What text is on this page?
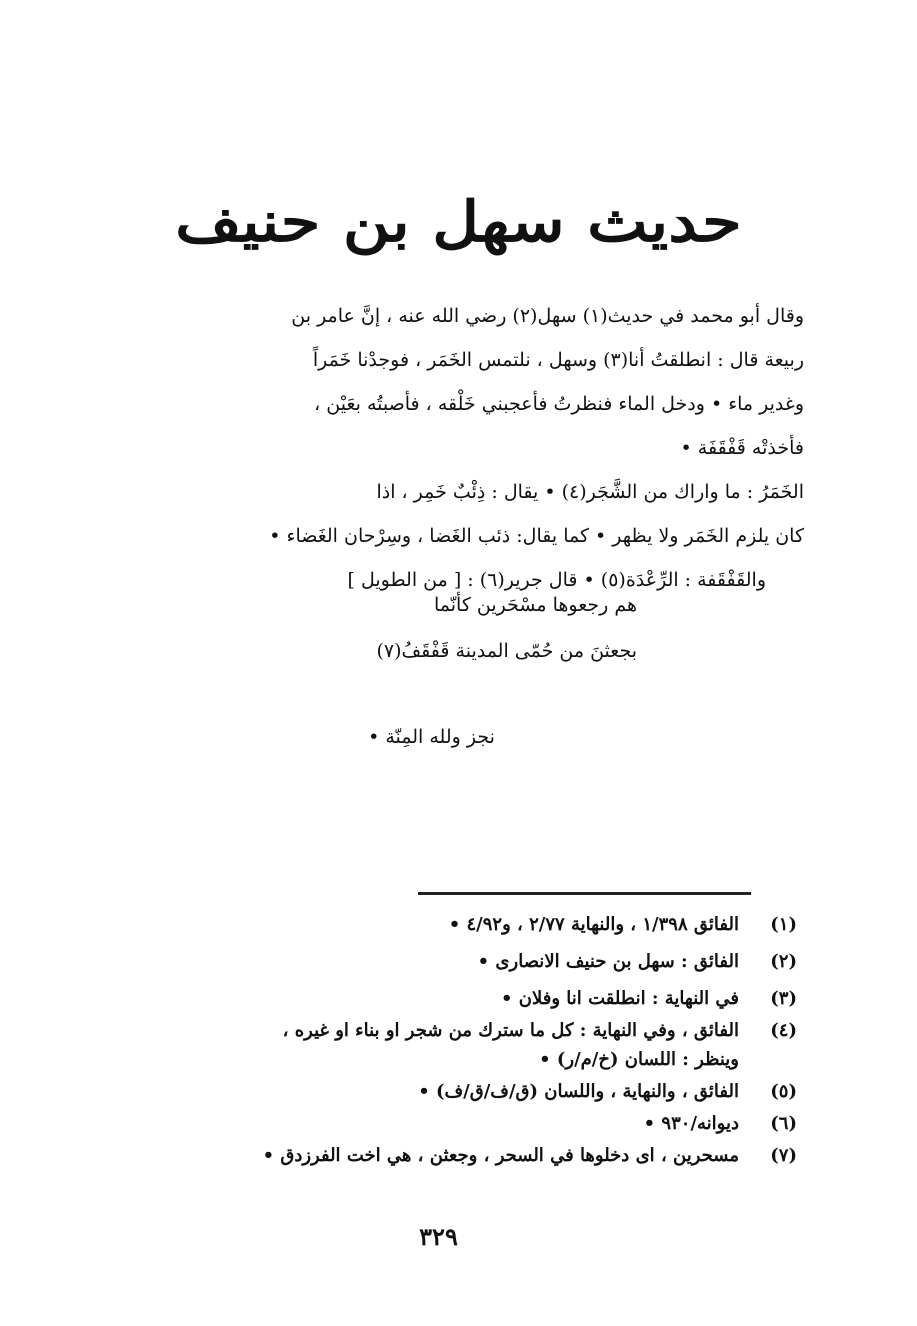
حديث سهل بن حنيف

وقال أبو محمد في حديث(١) سهل(٢) رضي الله عنه ، إنَّ عامر بن

ربيعة قال : انطلقتُ أنا(٣) وسهل ، نلتمس الخَمَر ، فوجدْنا خَمَراً

وغدير ماء • ودخل الماء فنظرتُ فأعجبني خَلْقه ، فأصبتُه بعَيْن ،

فأخذتْه قَفْقَفَة •

الخَمَرُ : ما واراك من الشَّجَر(٤) • يقال : ذِئْبٌ خَمِر ، اذا

كان يلزم الخَمَر ولا يظهر • كما يقال: ذئب الغَضا ، وسِرْحان الغَضاء •

والقَفْقَفة : الرِّعْدَة(٥) • قال جرير(٦) : [ من الطويل ]

هم رجعوها مسْحَرين كأنّما
بجعثنَ من حُمّى المدينة قَفْقَفُ(٧)
نجز ولله المِنّة •
(١)
الفائق ١/٣٩٨ ، والنهاية ٢/٧٧ ، و٤/٩٢ •
(٢)
الفائق : سهل بن حنيف الانصارى •
(٣)
في النهاية : انطلقت انا وفلان •
(٤)
الفائق ، وفي النهاية : كل ما سترك من شجر او بناء او غيره ،
وينظر : اللسان (خ/م/ر) •
(٥)
الفائق ، والنهاية ، واللسان (ق/ف/ق/ف) •
(٦)
ديوانه/٩٣٠ •
(٧)
مسحرين ، اى دخلوها في السحر ، وجعثن ، هي اخت الفرزدق •
٣٢٩
